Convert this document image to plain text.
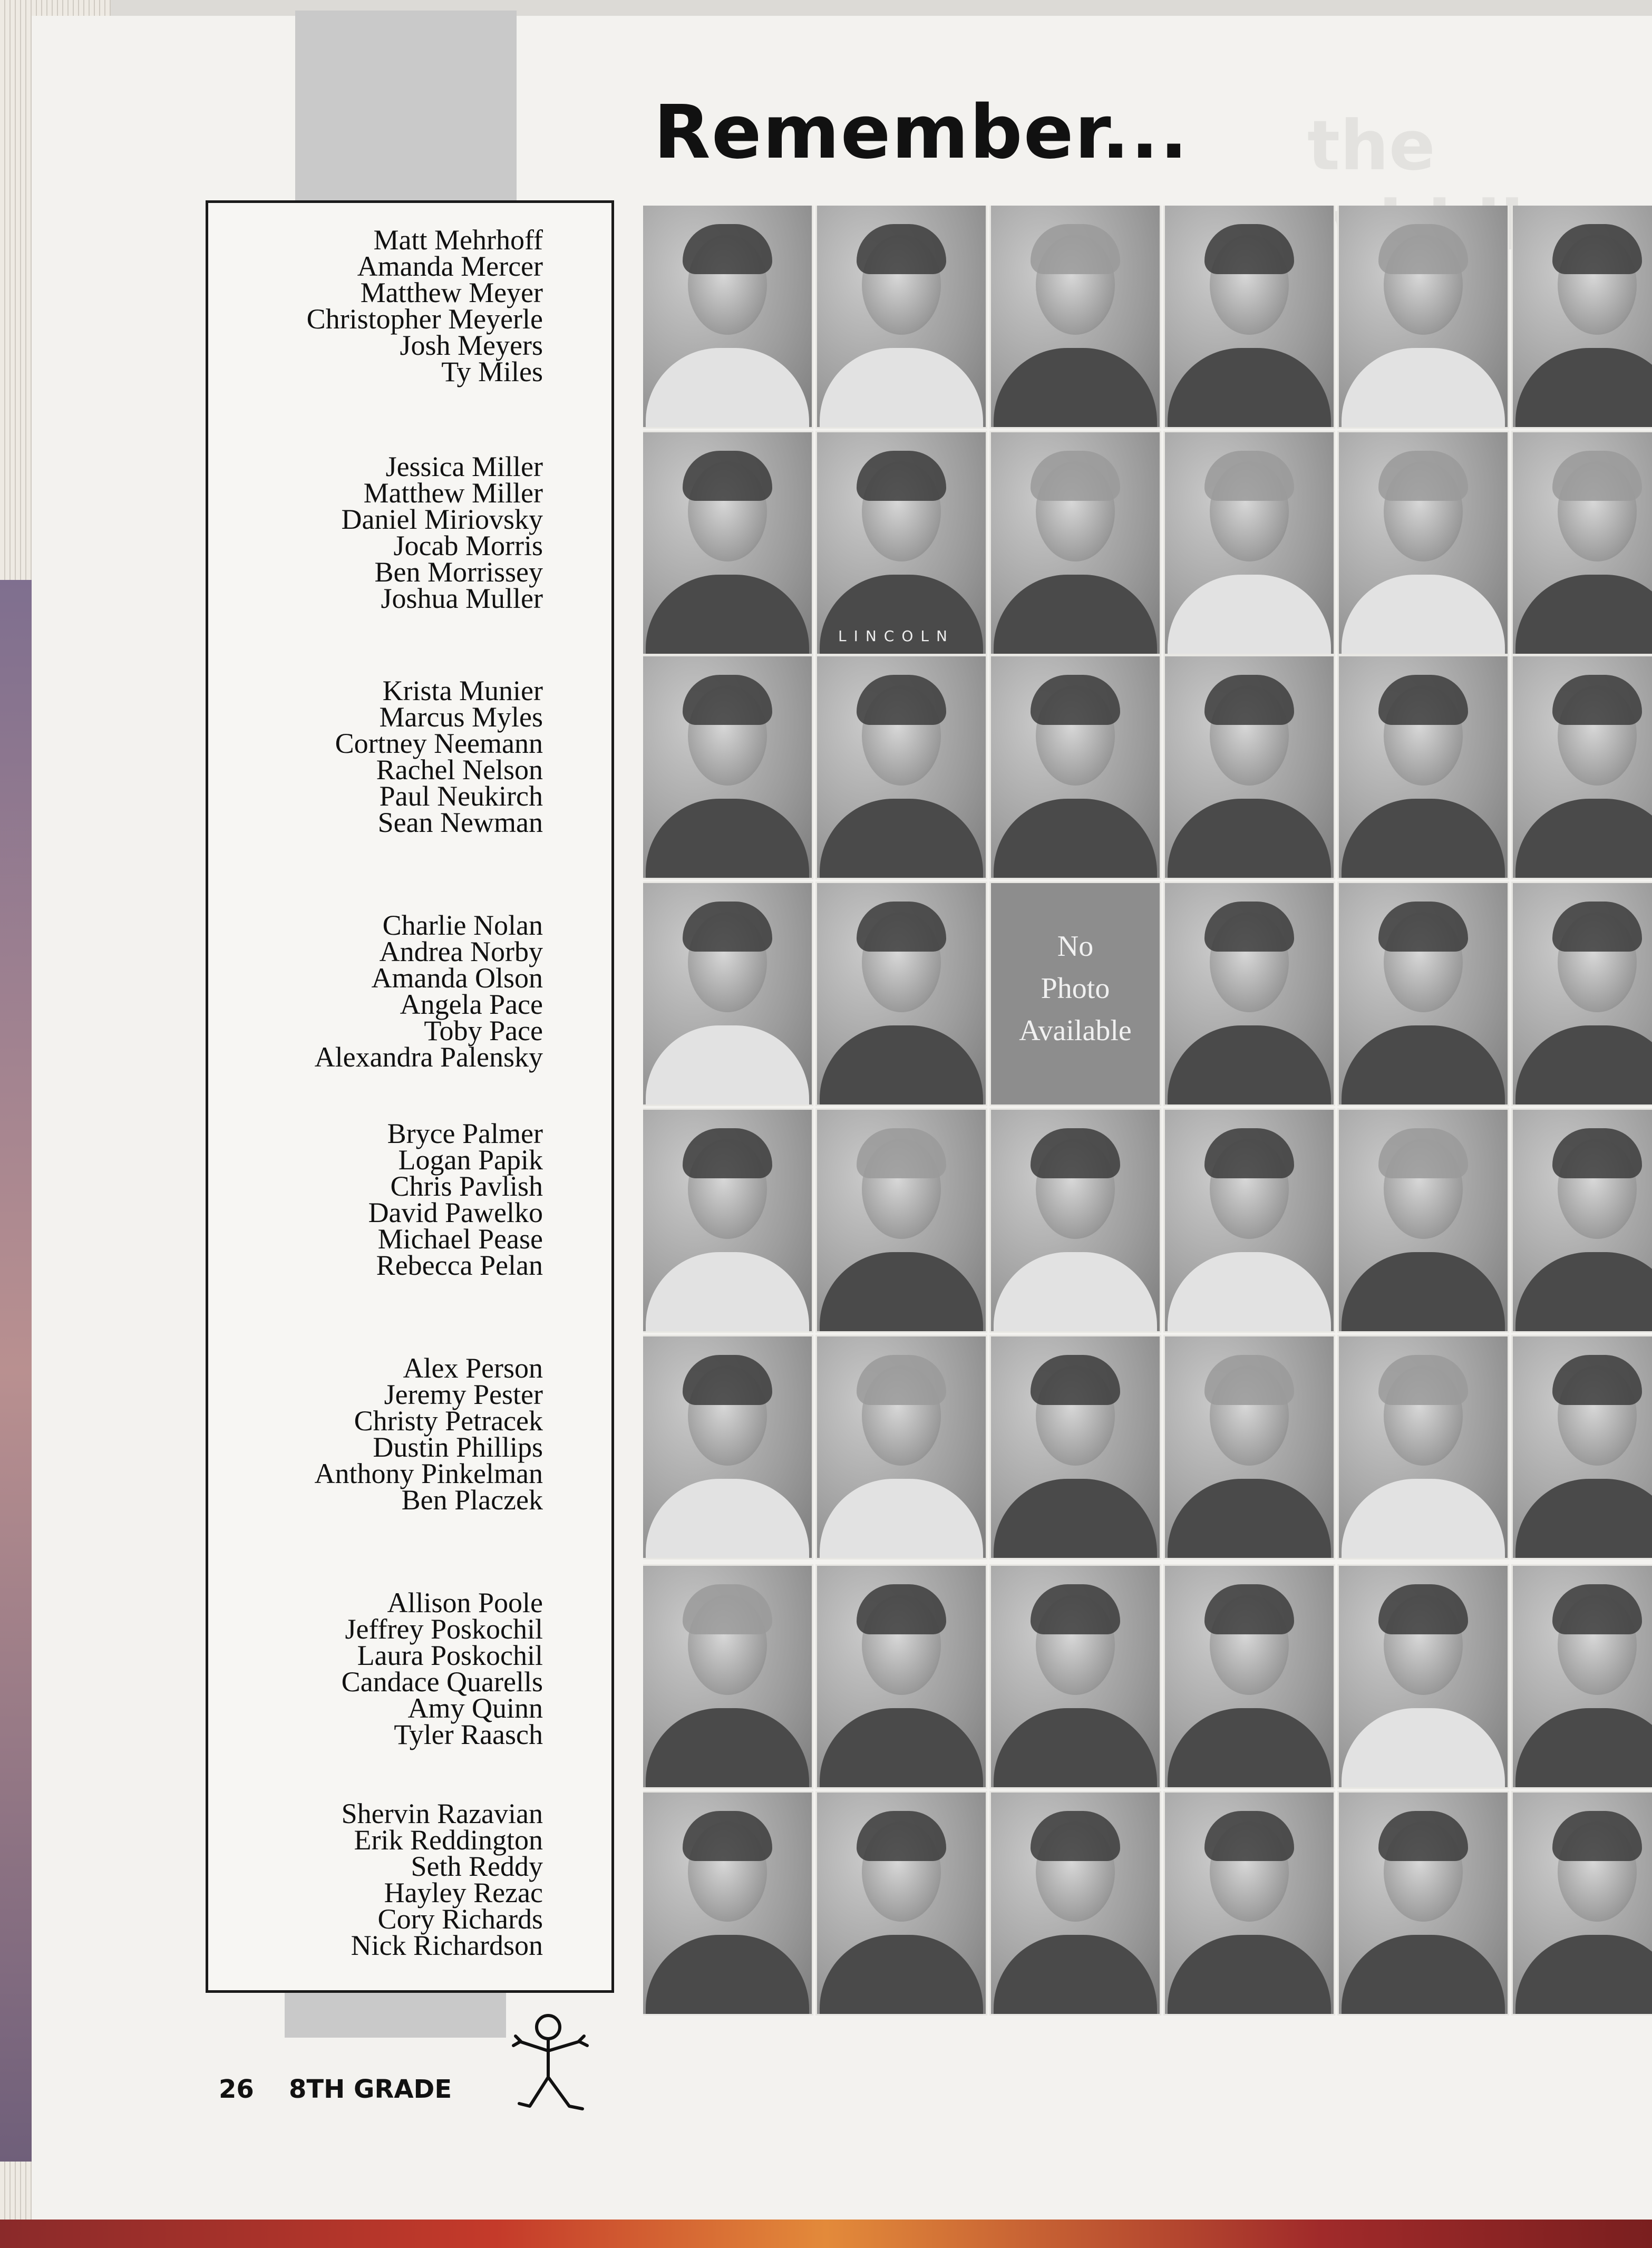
Remember... the
Matt Mehrhoff
Amanda Mercer
Matthew Meyer
Christopher Meyerle
Josh Meyers
Ty Miles
Jessica Miller
Matthew Miller
Daniel Miriovsky
Jocab Morris
Ben Morrissey
Joshua Muller
Krista Munier
Marcus Myles
Cortney Neemann
Rachel Nelson
Paul Neukirch
Sean Newman
Charlie Nolan
Andrea Norby
Amanda Olson
Angela Pace
Toby Pace
Alexandra Palensky
Bryce Palmer
Logan Papik
Chris Pavlish
David Pawelko
Michael Pease
Rebecca Pelan
Alex Person
Jeremy Pester
Christy Petracek
Dustin Phillips
Anthony Pinkelman
Ben Placzek
Allison Poole
Jeffrey Poskochil
Laura Poskochil
Candace Quarells
Amy Quinn
Tyler Raasch
Shervin Razavian
Erik Reddington
Seth Reddy
Hayley Rezac
Cory Richards
Nick Richardson
LINCOLN
No
Photo
Available
26 8TH GRADE
